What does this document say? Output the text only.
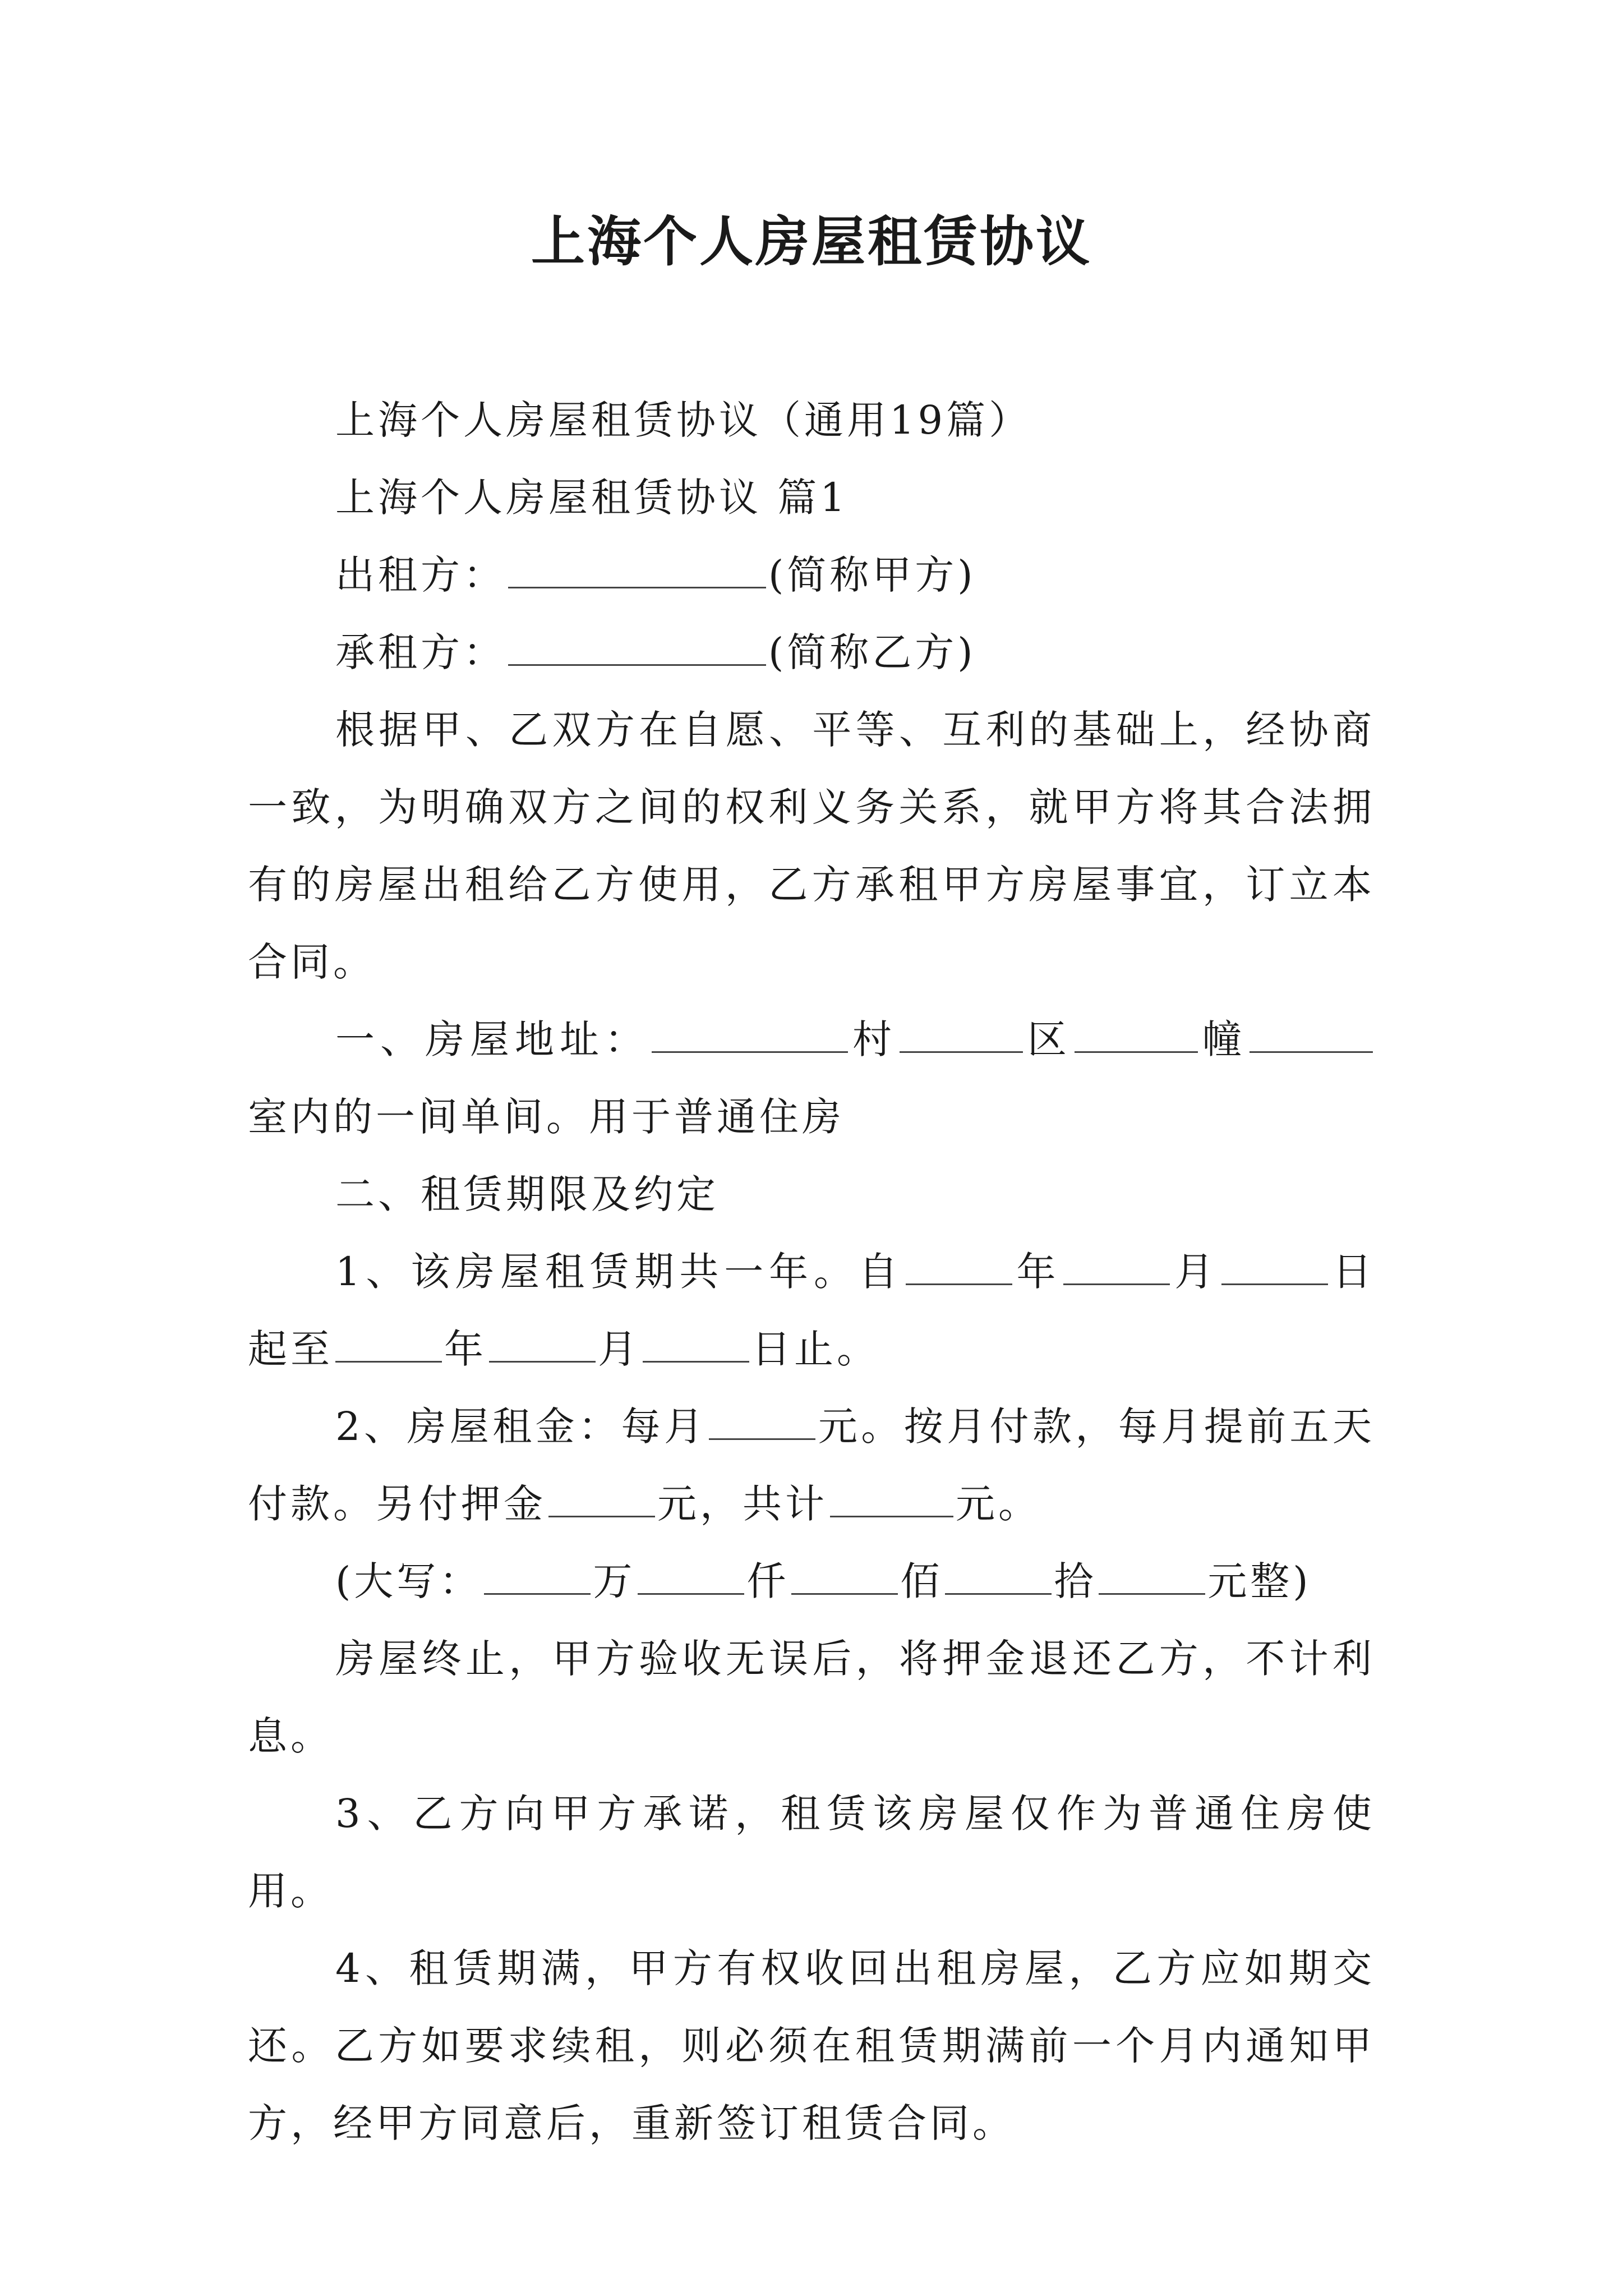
上海个人房屋租赁协议

上海个人房屋租赁协议（通用19篇）

上海个人房屋租赁协议 篇1

出租方：	(简称甲方)

承租方：	(简称乙方)

根据甲、乙双方在自愿、平等、互利的基础上，经协商一致，为明确双方之间的权利义务关系，就甲方将其合法拥有的房屋出租给乙方使用，乙方承租甲方房屋事宜，订立本合同。

一、房屋地址：	村	区	幢室内的一间单间。用于普通住房

二、租赁期限及约定

1、该房屋租赁期共一年。自	年	月	日起至	年	月	日止。

2、房屋租金：每月	元。按月付款，每月提前五天付款。另付押金	元，共计	元。

(大写：	万	仟	佰	拾	元整)

房屋终止，甲方验收无误后，将押金退还乙方，不计利息。

3、乙方向甲方承诺，租赁该房屋仅作为普通住房使用。

4、租赁期满，甲方有权收回出租房屋，乙方应如期交还。乙方如要求续租，则必须在租赁期满前一个月内通知甲方，经甲方同意后，重新签订租赁合同。
